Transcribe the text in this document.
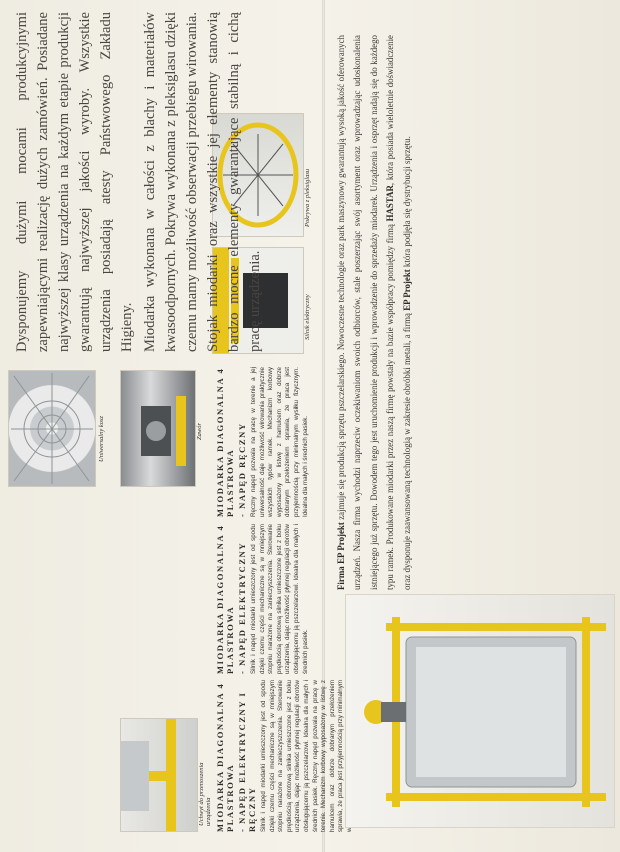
Uniwersalny kosz	Zawór
Uchwyt do przenoszenia urządzenia
Pokrywa z pleksiglasu
Silnik elektryczny
MIODARKA DIAGONALNA 4 PLASTROWA - NAPĘD RĘCZNY Ręczny napęd pozwala na pracę w terenie a jej uniwersalność daje możliwość wirowania praktycznie wszystkich typów ramek. Mechanizm korbowy wyposażony w listwę z hamulcem oraz dobrze dobranym przełożeniem sprawia, że praca jest przyjemnością przy minimalnym wysiłku fizycznym. Idealna dla małych i średnich pasiek.

MIODARKA DIAGONALNA 4 PLASTROWA - NAPĘD ELEKTRYCZNY Silnik i napęd miodarki umieszczony jest od spodu dzięki czemu części mechaniczne są w mniejszym stopniu narażone na zanieczyszczenia. Sterowanie prędkością obrotową silnika umieszczone jest z boku urządzenia, dając możliwość płynnej regulacji obrotów obsługującemu ją pszczelarzowi. Idealna dla małych i średnich pasiek.

MIODARKA DIAGONALNA 4 PLASTROWA - NAPĘD ELEKTRYCZNY I RĘCZNY Silnik i napęd miodarki umieszczony jest od spodu dzięki czemu części mechaniczne są w mniejszym stopniu narażone na zanieczyszczenia. Sterowanie prędkością obrotową silnika umieszczone jest z boku urządzenia, dając możliwość płynnej regulacji obrotów obsługującemu ją pszczelarzowi. Idealna dla małych i średnich pasiek. Ręczny napęd pozwala na pracę w terenie. Mechanizm korbowy wyposażony w listwę z hamulcem oraz dobrze dobranym przełożeniem sprawia, że praca jest przyjemnością przy minimalnym

Dysponujemy dużymi mocami produkcyjnymi zapewniającymi realizację dużych zamówień. Posiadane najwyższej klasy urządzenia na każdym etapie produkcji gwarantują najwyższej jakości wyroby. Wszystkie urządzenia posiadają atesty Państwowego Zakładu Higieny. Miodarka wykonana w całości z blachy i materiałów kwasoodpornych. Pokrywa wykonana z pleksiglasu dzięki czemu mamy możliwość obserwacji przebiegu wirowania. Stojak miodarki oraz wszystkie jej elementy stanowią bardzo mocne elementy gwarantujące stabilną i cichą pracę urządzenia.

Firma EP Projekt zajmuje się produkcją sprzętu pszczelarskiego. Nowoczesne technologie oraz park maszynowy gwarantują wysoką jakość oferowanych urządzeń. Nasza firma wychodzi naprzeciw oczekiwaniom swoich odbiorców, stale poszerzając swój asortyment oraz wprowadzając udoskonalenia istniejącego już sprzętu. Dowodem tego jest uruchomienie produkcji i wprowadzenie do sprzedaży miodarek. Urządzenia i osprzęt nadają się do każdego typu ramek. Produkowane miodarki przez naszą firmę powstały na bazie współpracy pomiędzy firmą HASTAR, która posiada wieloletnie doświadczenie oraz dysponuje zaawansowaną technologią w zakresie obróbki metali, a firmą EP Projekt która podjęła się dystrybucji sprzętu.
